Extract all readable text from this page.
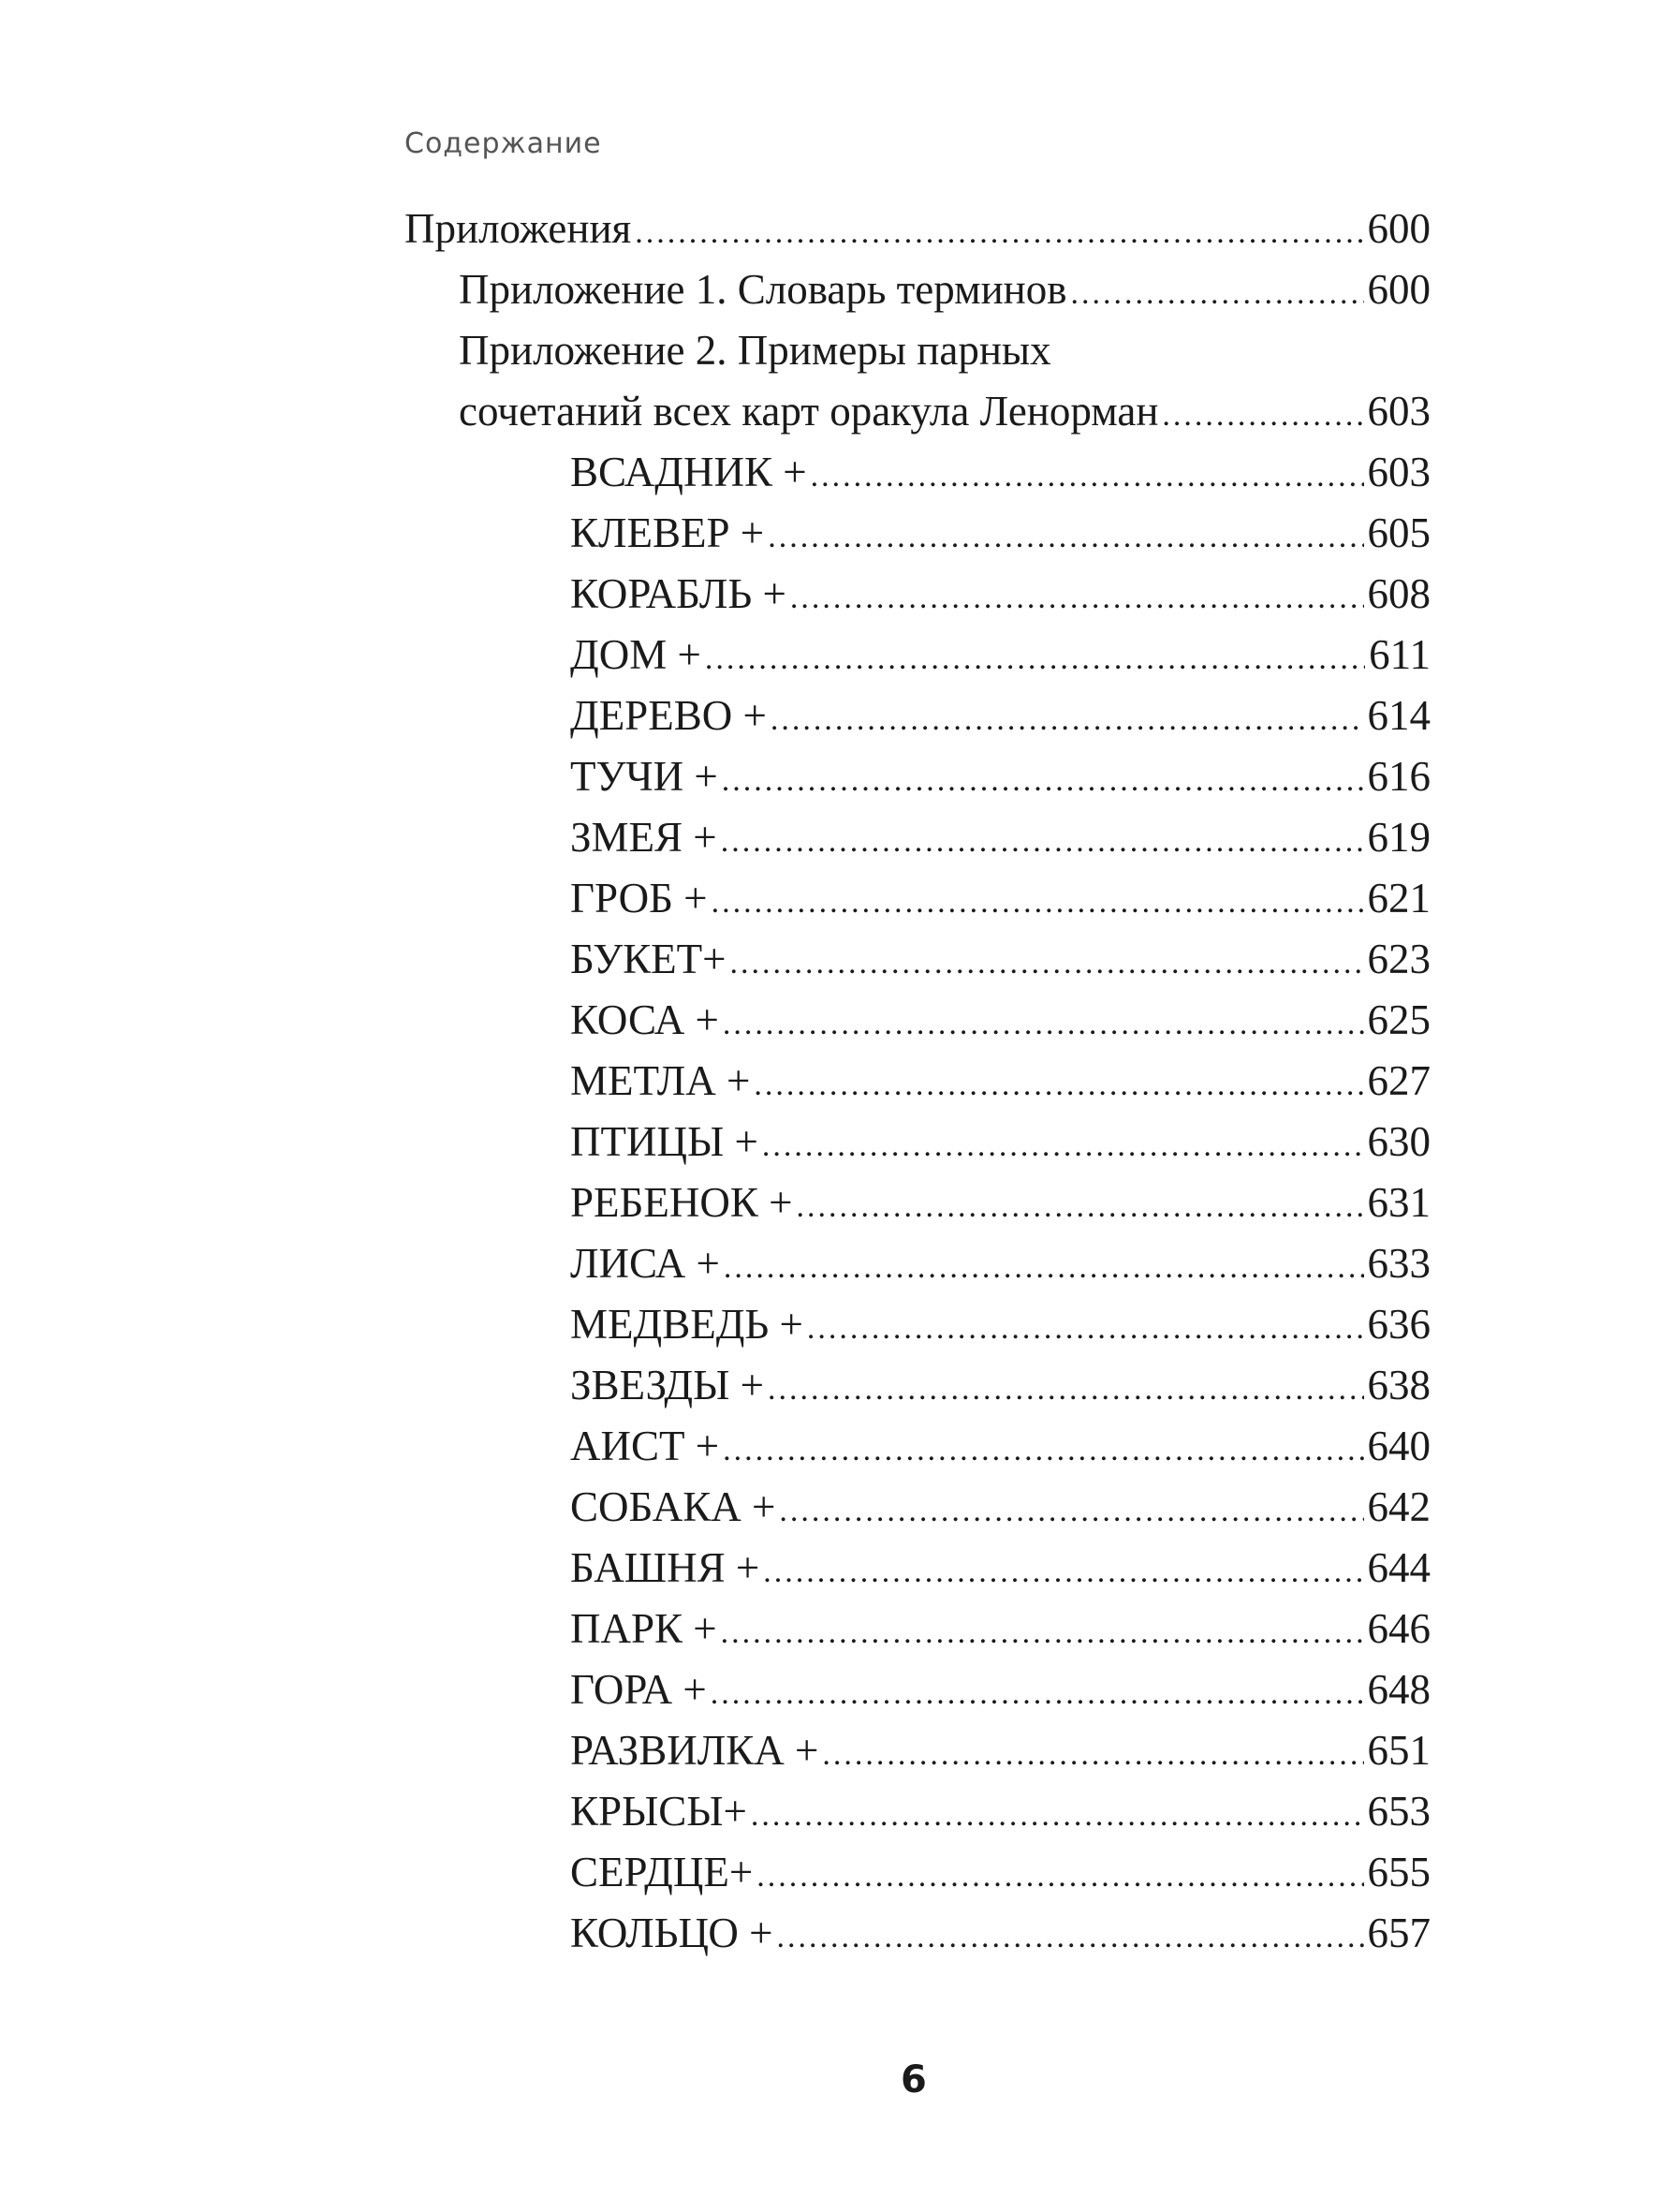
Содержание
Приложения .....	600
Приложение 1. Словарь терминов .....	600
Приложение 2. Примеры парных
сочетаний всех карт оракула Ленорман .....	603
ВСАДНИК + .....	603
КЛЕВЕР + .....	605
КОРАБЛЬ + .....	608
ДОМ + .....	611
ДЕРЕВО + .....	614
ТУЧИ + .....	616
ЗМЕЯ + .....	619
ГРОБ + .....	621
БУКЕТ+ .....	623
КОСА + .....	625
МЕТЛА + .....	627
ПТИЦЫ + .....	630
РЕБЕНОК + .....	631
ЛИСА + .....	633
МЕДВЕДЬ + .....	636
ЗВЕЗДЫ + .....	638
АИСТ + .....	640
СОБАКА + .....	642
БАШНЯ + .....	644
ПАРК + .....	646
ГОРА + .....	648
РАЗВИЛКА + .....	651
КРЫСЫ+ .....	653
СЕРДЦЕ+ .....	655
КОЛЬЦО + .....	657
6
